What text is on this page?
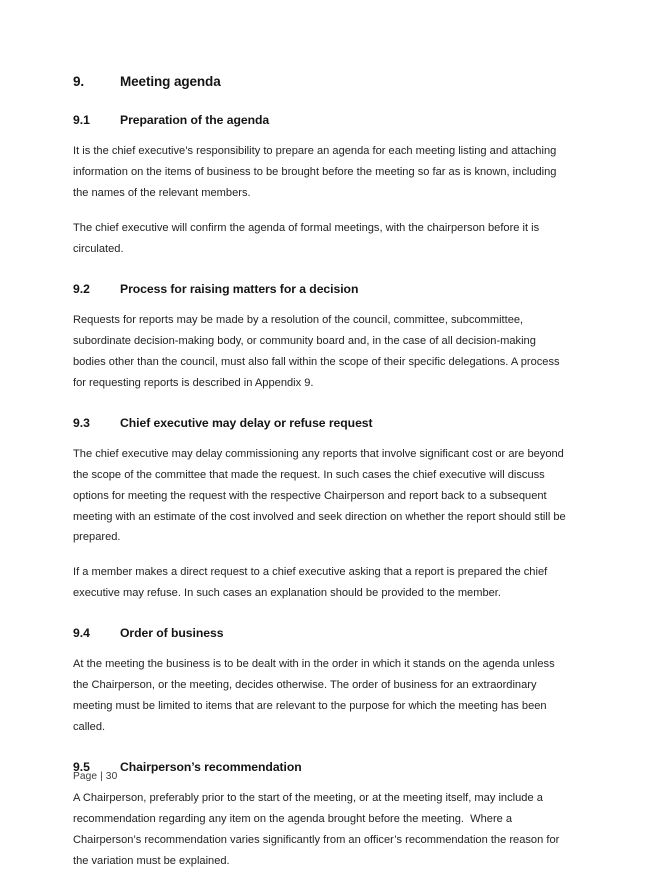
9.	Meeting agenda
9.1	Preparation of the agenda

It is the chief executive’s responsibility to prepare an agenda for each meeting listing and attaching information on the items of business to be brought before the meeting so far as is known, including the names of the relevant members.

The chief executive will confirm the agenda of formal meetings, with the chairperson before it is circulated.

9.2	Process for raising matters for a decision

Requests for reports may be made by a resolution of the council, committee, subcommittee, subordinate decision-making body, or community board and, in the case of all decision-making bodies other than the council, must also fall within the scope of their specific delegations. A process for requesting reports is described in Appendix 9.

9.3	Chief executive may delay or refuse request

The chief executive may delay commissioning any reports that involve significant cost or are beyond the scope of the committee that made the request. In such cases the chief executive will discuss options for meeting the request with the respective Chairperson and report back to a subsequent meeting with an estimate of the cost involved and seek direction on whether the report should still be prepared.

If a member makes a direct request to a chief executive asking that a report is prepared the chief executive may refuse. In such cases an explanation should be provided to the member.

9.4	Order of business

At the meeting the business is to be dealt with in the order in which it stands on the agenda unless the Chairperson, or the meeting, decides otherwise. The order of business for an extraordinary meeting must be limited to items that are relevant to the purpose for which the meeting has been called.

9.5	Chairperson’s recommendation

A Chairperson, preferably prior to the start of the meeting, or at the meeting itself, may include a recommendation regarding any item on the agenda brought before the meeting.  Where a Chairperson’s recommendation varies significantly from an officer’s recommendation the reason for the variation must be explained.

Page | 30
